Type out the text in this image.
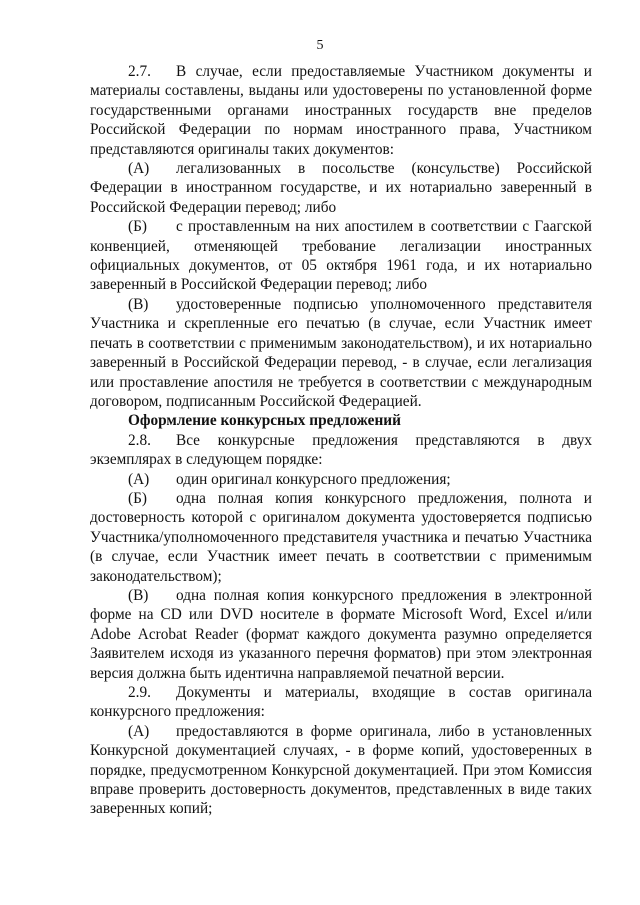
5

2.7. В случае, если предоставляемые Участником документы и материалы составлены, выданы или удостоверены по установленной форме государственными органами иностранных государств вне пределов Российской Федерации по нормам иностранного права, Участником представляются оригиналы таких документов:

(А) легализованных в посольстве (консульстве) Российской Федерации в иностранном государстве, и их нотариально заверенный в Российской Федерации перевод; либо

(Б) с проставленным на них апостилем в соответствии с Гаагской конвенцией, отменяющей требование легализации иностранных официальных документов, от 05 октября 1961 года, и их нотариально заверенный в Российской Федерации перевод; либо

(В) удостоверенные подписью уполномоченного представителя Участника и скрепленные его печатью (в случае, если Участник имеет печать в соответствии с применимым законодательством), и их нотариально заверенный в Российской Федерации перевод, - в случае, если легализация или проставление апостиля не требуется в соответствии с международным договором, подписанным Российской Федерацией.

Оформление конкурсных предложений

2.8. Все конкурсные предложения представляются в двух экземплярах в следующем порядке:

(А) один оригинал конкурсного предложения;

(Б) одна полная копия конкурсного предложения, полнота и достоверность которой с оригиналом документа удостоверяется подписью Участника/уполномоченного представителя участника и печатью Участника (в случае, если Участник имеет печать в соответствии с применимым законодательством);

(В) одна полная копия конкурсного предложения в электронной форме на CD или DVD носителе в формате Microsoft Word, Excel и/или Adobe Acrobat Reader (формат каждого документа разумно определяется Заявителем исходя из указанного перечня форматов) при этом электронная версия должна быть идентична направляемой печатной версии.

2.9. Документы и материалы, входящие в состав оригинала конкурсного предложения:

(А) предоставляются в форме оригинала, либо в установленных Конкурсной документацией случаях, - в форме копий, удостоверенных в порядке, предусмотренном Конкурсной документацией. При этом Комиссия вправе проверить достоверность документов, представленных в виде таких заверенных копий;
